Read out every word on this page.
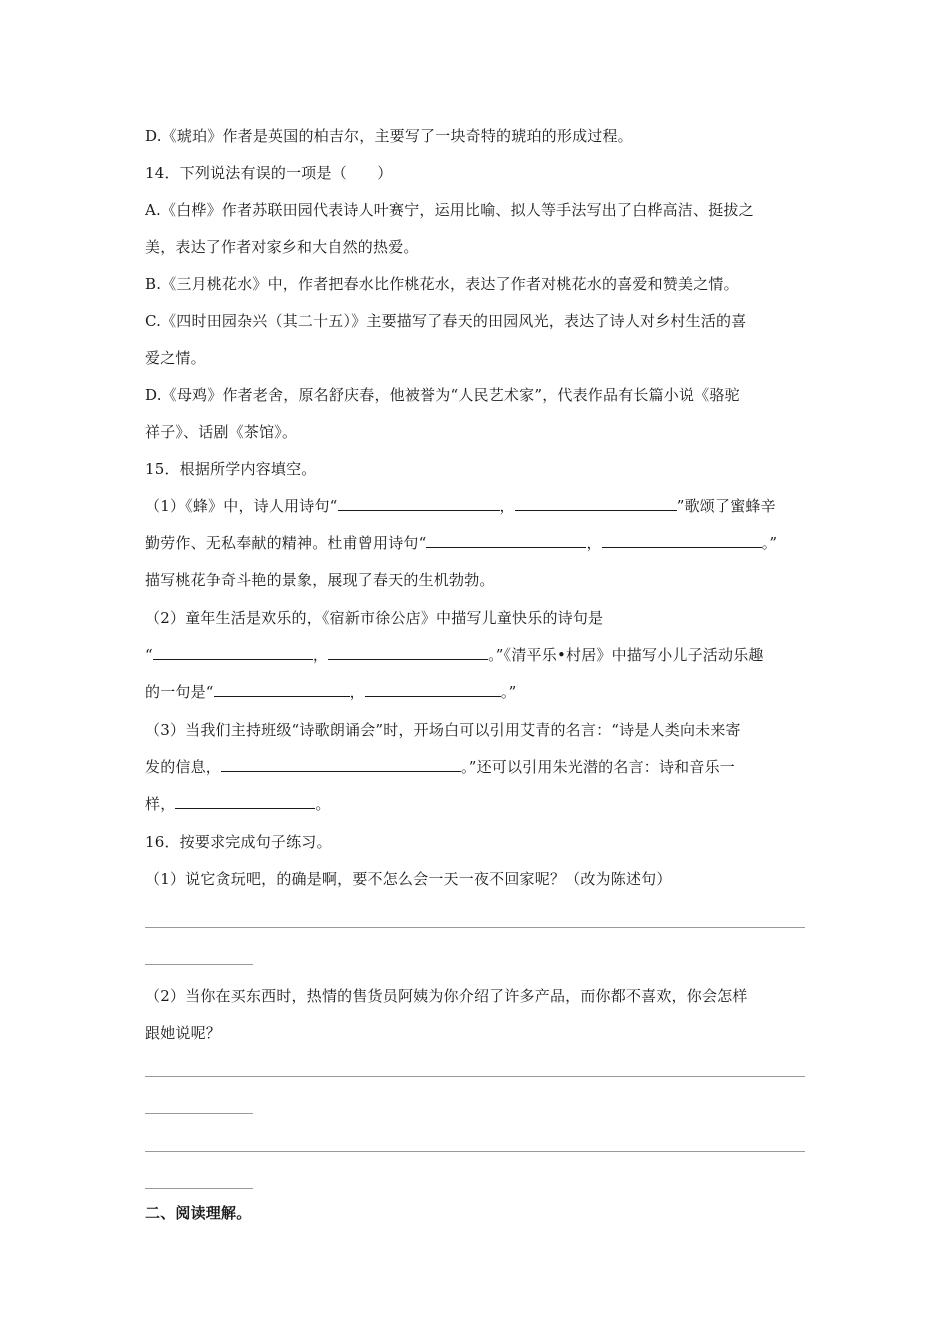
D.《琥珀》作者是英国的柏吉尔，主要写了一块奇特的琥珀的形成过程。
14．下列说法有误的一项是（　　）
A.《白桦》作者苏联田园代表诗人叶赛宁，运用比喻、拟人等手法写出了白桦高洁、挺拔之
美，表达了作者对家乡和大自然的热爱。
B.《三月桃花水》中，作者把春水比作桃花水，表达了作者对桃花水的喜爱和赞美之情。
C.《四时田园杂兴（其二十五）》主要描写了春天的田园风光，表达了诗人对乡村生活的喜
爱之情。
D.《母鸡》作者老舍，原名舒庆春，他被誉为“人民艺术家”，代表作品有长篇小说《骆驼
祥子》、话剧《茶馆》。
15．根据所学内容填空。
（1）《蜂》中，诗人用诗句“	，	”歌颂了蜜蜂辛
勤劳作、无私奉献的精神。杜甫曾用诗句“	，	。”
描写桃花争奇斗艳的景象，展现了春天的生机勃勃。
（2）童年生活是欢乐的，《宿新市徐公店》中描写儿童快乐的诗句是
“	，	。”《清平乐•村居》中描写小儿子活动乐趣
的一句是“	，	。”
（3）当我们主持班级“诗歌朗诵会”时，开场白可以引用艾青的名言：“诗是人类向未来寄
发的信息，	。”还可以引用朱光潜的名言：诗和音乐一
样，	。
16．按要求完成句子练习。
（1）说它贪玩吧，的确是啊，要不怎么会一天一夜不回家呢？（改为陈述句）
（2）当你在买东西时，热情的售货员阿姨为你介绍了许多产品，而你都不喜欢，你会怎样
跟她说呢？
二、阅读理解。
